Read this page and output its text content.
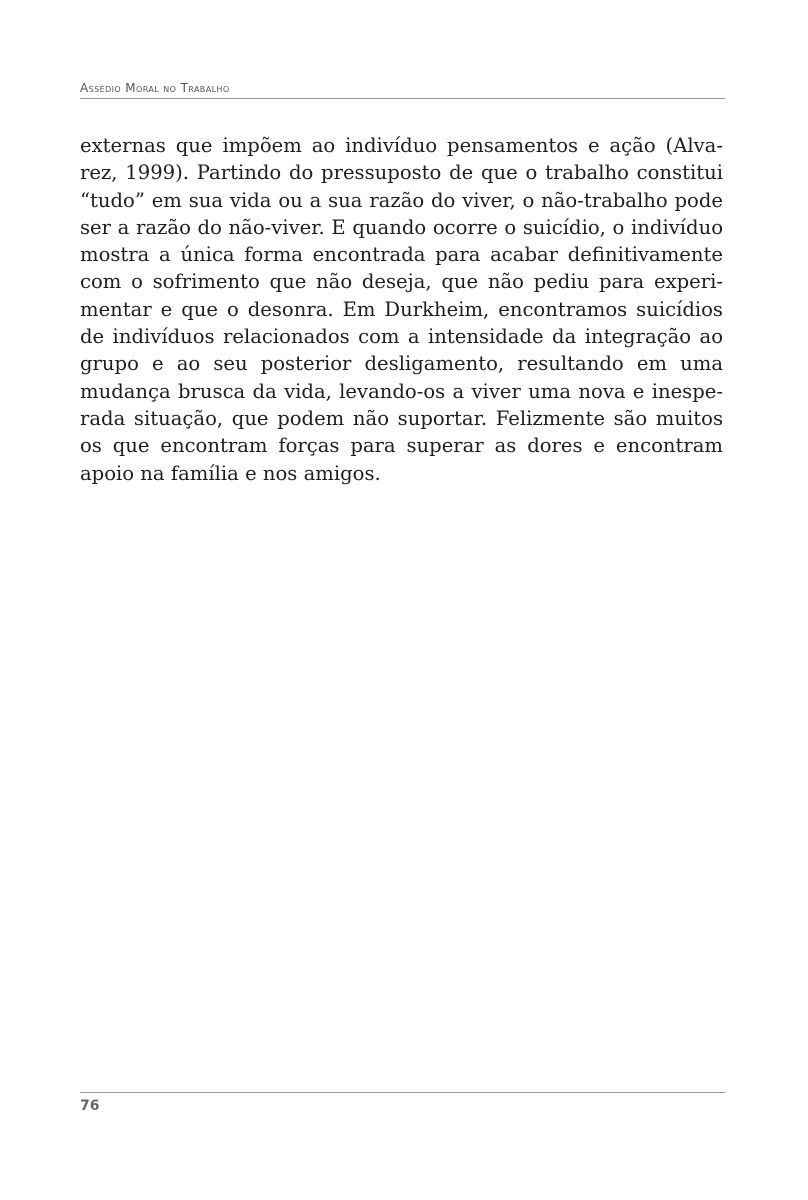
Assédio Moral no Trabalho
externas que impõem ao indivíduo pensamentos e ação (Alva-
rez, 1999). Partindo do pressuposto de que o trabalho constitui
“tudo” em sua vida ou a sua razão do viver, o não-trabalho pode
ser a razão do não-viver. E quando ocorre o suicídio, o indivíduo
mostra a única forma encontrada para acabar definitivamente
com o sofrimento que não deseja, que não pediu para experi-
mentar e que o desonra. Em Durkheim, encontramos suicídios
de indivíduos relacionados com a intensidade da integração ao
grupo e ao seu posterior desligamento, resultando em uma
mudança brusca da vida, levando-os a viver uma nova e inespe-
rada situação, que podem não suportar. Felizmente são muitos
os que encontram forças para superar as dores e encontram
apoio na família e nos amigos.
76
